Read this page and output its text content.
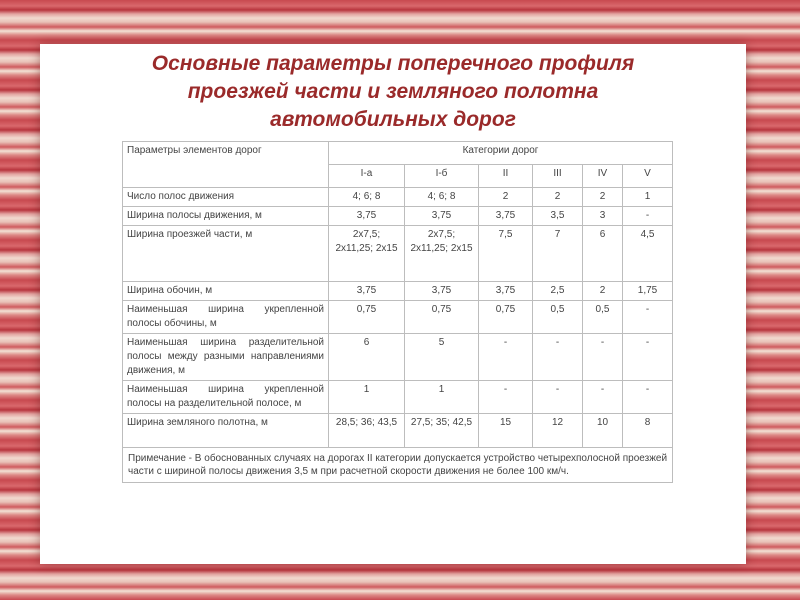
Основные параметры поперечного профиля
проезжей части и земляного полотна
автомобильных дорог
Параметры элементов дорог	Категории дорог					
	I-а	I-б	II	III	IV	V
Число полос движения	4; 6; 8	4; 6; 8	2	2	2	1
Ширина полосы движения, м	3,75	3,75	3,75	3,5	3	-
Ширина проезжей части, м	2х7,5; 2х11,25; 2х15	2х7,5; 2х11,25; 2х15	7,5	7	6	4,5
Ширина обочин, м	3,75	3,75	3,75	2,5	2	1,75
Наименьшая ширина укрепленной полосы обочины, м	0,75	0,75	0,75	0,5	0,5	-
Наименьшая ширина разделительной полосы между разными направлениями движения, м	6	5	-	-	-	-
Наименьшая ширина укрепленной полосы на разделительной полосе, м	1	1	-	-	-	-
Ширина земляного полотна, м	28,5; 36; 43,5	27,5; 35; 42,5	15	12	10	8
Примечание - В обоснованных случаях на дорогах II категории допускается устройство четырехполосной проезжей части с шириной полосы движения 3,5 м при расчетной скорости движения не более 100 км/ч.						
